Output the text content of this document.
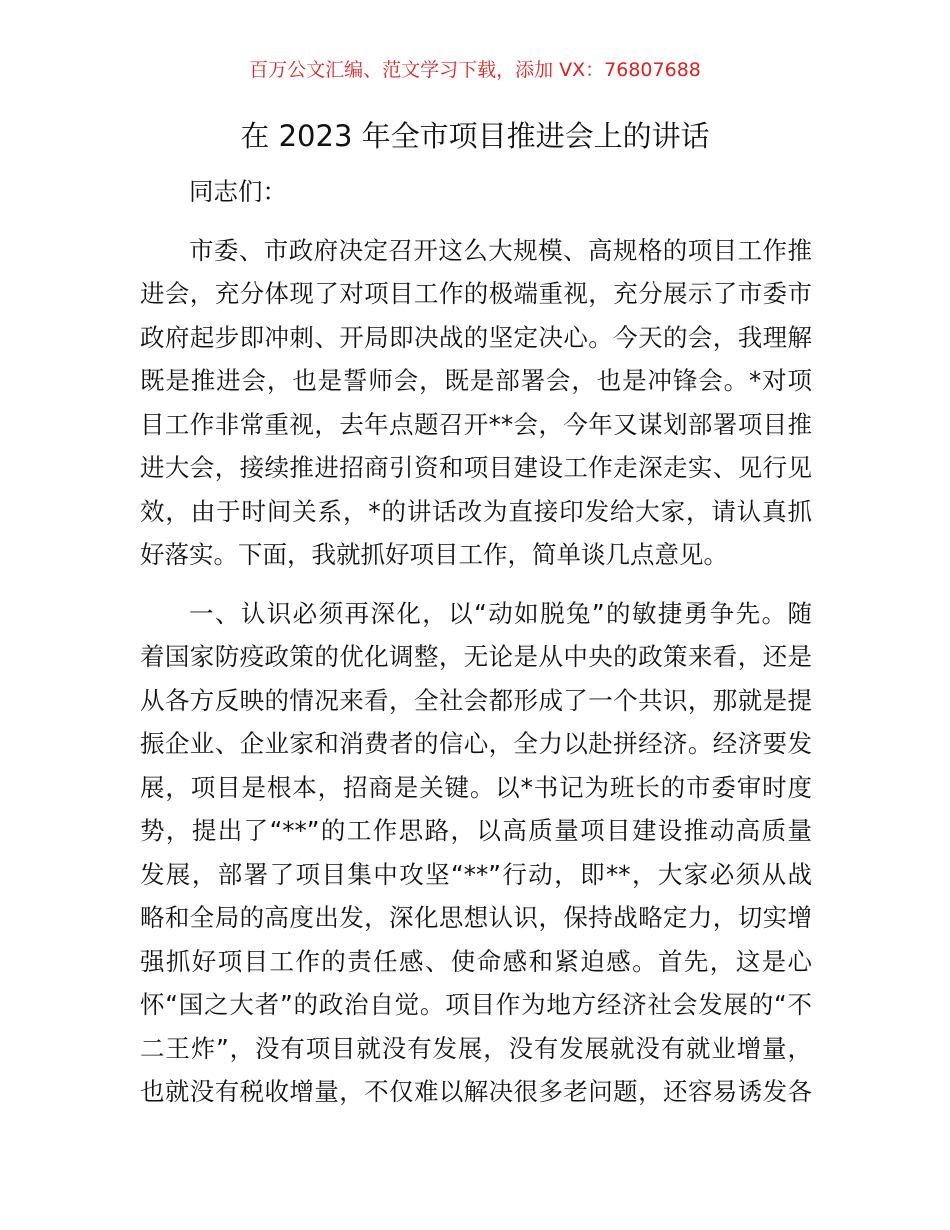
百万公文汇编、范文学习下载，添加 VX：76807688
在 2023 年全市项目推进会上的讲话
同志们：
市委、市政府决定召开这么大规模、高规格的项目工作推
进会，充分体现了对项目工作的极端重视，充分展示了市委市
政府起步即冲刺、开局即决战的坚定决心。今天的会，我理解
既是推进会，也是誓师会，既是部署会，也是冲锋会。*对项
目工作非常重视，去年点题召开**会，今年又谋划部署项目推
进大会，接续推进招商引资和项目建设工作走深走实、见行见
效，由于时间关系，*的讲话改为直接印发给大家，请认真抓
好落实。下面，我就抓好项目工作，简单谈几点意见。
一、认识必须再深化，以“动如脱兔”的敏捷勇争先。随
着国家防疫政策的优化调整，无论是从中央的政策来看，还是
从各方反映的情况来看，全社会都形成了一个共识，那就是提
振企业、企业家和消费者的信心，全力以赴拼经济。经济要发
展，项目是根本，招商是关键。以*书记为班长的市委审时度
势，提出了“**”的工作思路，以高质量项目建设推动高质量
发展，部署了项目集中攻坚“**”行动，即**，大家必须从战
略和全局的高度出发，深化思想认识，保持战略定力，切实增
强抓好项目工作的责任感、使命感和紧迫感。首先，这是心
怀“国之大者”的政治自觉。项目作为地方经济社会发展的“不
二王炸”，没有项目就没有发展，没有发展就没有就业增量，
也就没有税收增量，不仅难以解决很多老问题，还容易诱发各
